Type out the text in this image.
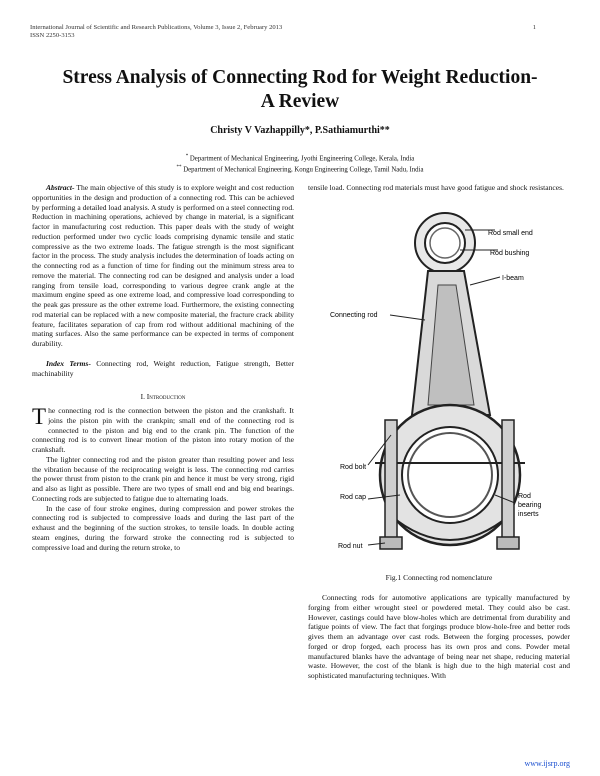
International Journal of Scientific and Research Publications, Volume 3, Issue 2, February 2013
ISSN 2250-3153
1
Stress Analysis of Connecting Rod for Weight Reduction-
A Review
Christy V Vazhappilly*, P.Sathiamurthi**
* Department of Mechanical Engineering, Jyothi Engineering College, Kerala, India
** Department of Mechanical Engineering, Kongu Engineering College, Tamil Nadu, India

Abstract- The main objective of this study is to explore weight and cost reduction opportunities in the design and production of a connecting rod. This can be achieved by performing a detailed load analysis. A study is performed on a steel connecting rod. Reduction in machining operations, achieved by change in material, is a significant factor in manufacturing cost reduction. This paper deals with the study of weight reduction performed under two cyclic loads comprising dynamic tensile and static compressive as the two extreme loads. The fatigue strength is the most significant factor in the process. The study analysis includes the determination of loads acting on the connecting rod as a function of time for finding out the minimum stress area to remove the material. The connecting rod can be designed and analysis under a load ranging from tensile load, corresponding to various degree crank angle at the maximum engine speed as one extreme load, and compressive load corresponding to the peak gas pressure as the other extreme load. Furthermore, the existing connecting rod material can be replaced with a new composite material, the fracture crack ability feature, facilitates separation of cap from rod without additional machining of the mating surfaces. Also the same performance can be expected in terms of component durability.

Index Terms- Connecting rod, Weight reduction, Fatigue strength, Better machinability

I. Introduction

The connecting rod is the connection between the piston and the crankshaft. It joins the piston pin with the crankpin; small end of the connecting rod is connected to the piston and big end to the crank pin. The function of the connecting rod is to convert linear motion of the piston into rotary motion of the crankshaft.

The lighter connecting rod and the piston greater than resulting power and less the vibration because of the reciprocating weight is less. The connecting rod carries the power thrust from piston to the crank pin and hence it must be very strong, rigid and also as light as possible. There are two types of small end and big end bearings. Connecting rods are subjected to fatigue due to alternating loads.

In the case of four stroke engines, during compression and power strokes the connecting rod is subjected to compressive loads and during the last part of the exhaust and the beginning of the suction strokes, to tensile loads. In double acting steam engines, during the forward stroke the connecting rod is subjected to compressive load and during the return stroke, to

tensile load. Connecting rod materials must have good fatigue and shock resistances.

Rod small end
Rod bushing
Connecting rod
I-beam
Rod bolt
Rod cap	Rod
bearing
inserts
Rod nut
Fig.1 Connecting rod nomenclature

Connecting rods for automotive applications are typically manufactured by forging from either wrought steel or powdered metal. They could also be cast. However, castings could have blow-holes which are detrimental from durability and fatigue points of view. The fact that forgings produce blow-hole-free and better rods gives them an advantage over cast rods. Between the forging processes, powder forged or drop forged, each process has its own pros and cons. Powder metal manufactured blanks have the advantage of being near net shape, reducing material waste. However, the cost of the blank is high due to the high material cost and sophisticated manufacturing techniques. With

www.ijsrp.org
